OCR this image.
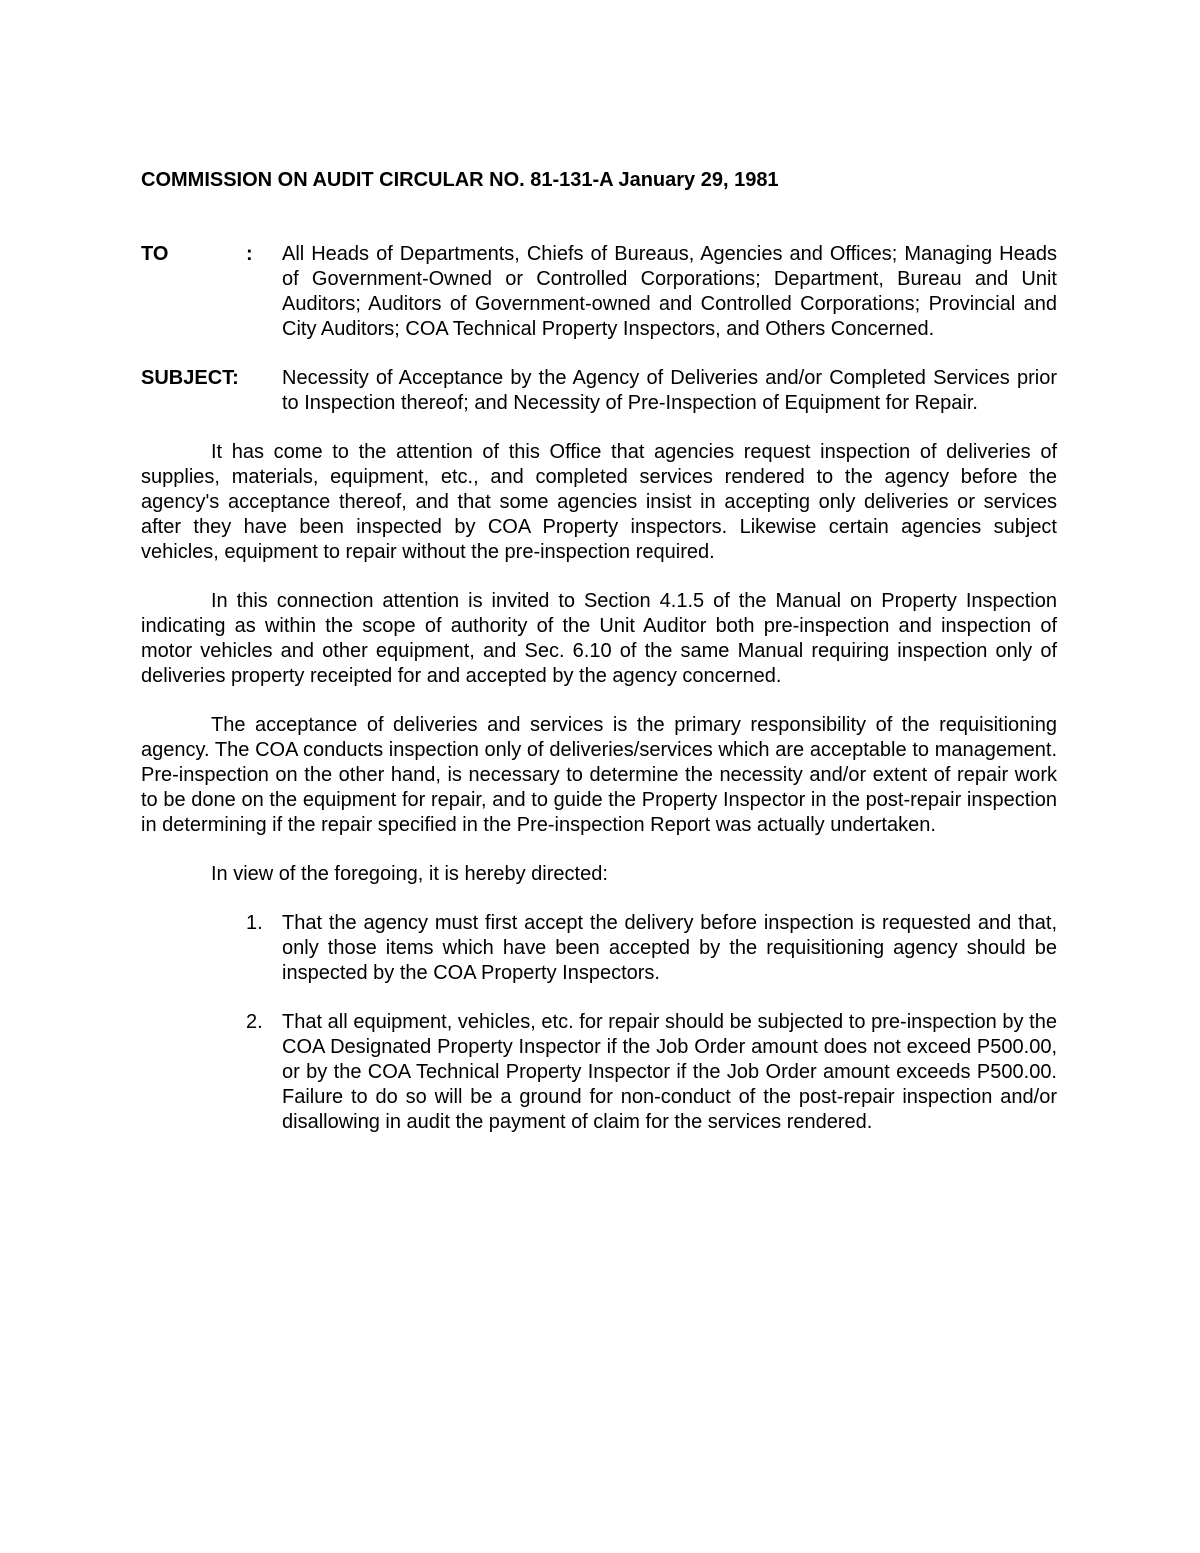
COMMISSION ON AUDIT CIRCULAR NO. 81-131-A January 29, 1981
TO	: All Heads of Departments, Chiefs of Bureaus, Agencies and Offices; Managing Heads of Government-Owned or Controlled Corporations; Department, Bureau and Unit Auditors; Auditors of Government-owned and Controlled Corporations; Provincial and City Auditors; COA Technical Property Inspectors, and Others Concerned.
SUBJECT:	Necessity of Acceptance by the Agency of Deliveries and/or Completed Services prior to Inspection thereof; and Necessity of Pre-Inspection of Equipment for Repair.

It has come to the attention of this Office that agencies request inspection of deliveries of supplies, materials, equipment, etc., and completed services rendered to the agency before the agency's acceptance thereof, and that some agencies insist in accepting only deliveries or services after they have been inspected by COA Property inspectors. Likewise certain agencies subject vehicles, equipment to repair without the pre-inspection required.

In this connection attention is invited to Section 4.1.5 of the Manual on Property Inspection indicating as within the scope of authority of the Unit Auditor both pre-inspection and inspection of motor vehicles and other equipment, and Sec. 6.10 of the same Manual requiring inspection only of deliveries property receipted for and accepted by the agency concerned.

The acceptance of deliveries and services is the primary responsibility of the requisitioning agency. The COA conducts inspection only of deliveries/services which are acceptable to management. Pre-inspection on the other hand, is necessary to determine the necessity and/or extent of repair work to be done on the equipment for repair, and to guide the Property Inspector in the post-repair inspection in determining if the repair specified in the Pre-inspection Report was actually undertaken.

In view of the foregoing, it is hereby directed:

1. That the agency must first accept the delivery before inspection is requested and that, only those items which have been accepted by the requisitioning agency should be inspected by the COA Property Inspectors.
2. That all equipment, vehicles, etc. for repair should be subjected to pre-inspection by the COA Designated Property Inspector if the Job Order amount does not exceed P500.00, or by the COA Technical Property Inspector if the Job Order amount exceeds P500.00. Failure to do so will be a ground for non-conduct of the post-repair inspection and/or disallowing in audit the payment of claim for the services rendered.
